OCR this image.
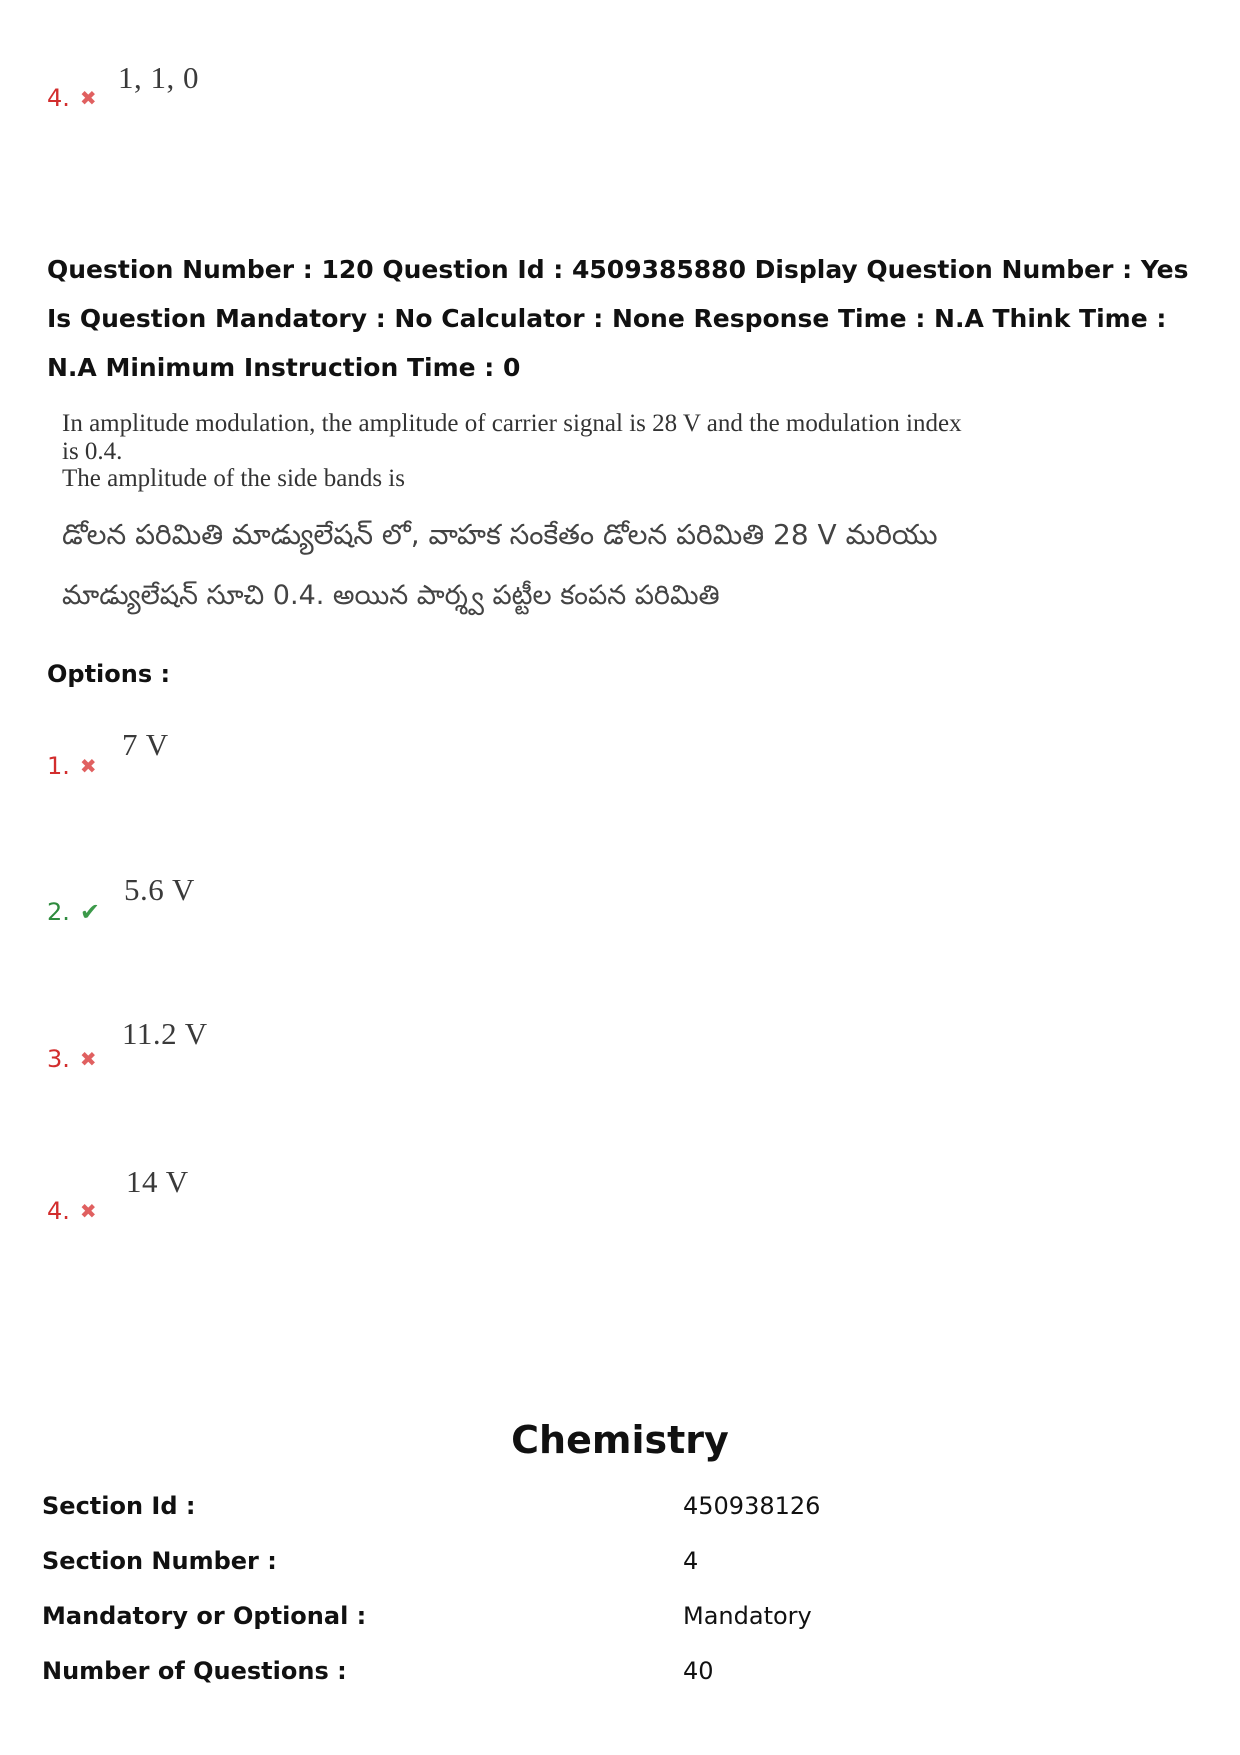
4. ✖
1, 1, 0
Question Number : 120 Question Id : 4509385880 Display Question Number : Yes Is Question Mandatory : No Calculator : None Response Time : N.A Think Time : N.A Minimum Instruction Time : 0
In amplitude modulation, the amplitude of carrier signal is 28 V and the modulation index is 0.4.
The amplitude of the side bands is
డోలన పరిమితి మాడ్యులేషన్ లో, వాహక సంకేతం డోలన పరిమితి 28 V మరియు
మాడ్యులేషన్ సూచి 0.4. అయిన పార్శ్వ పట్టీల కంపన పరిమితి
Options :
1. ✖
7 V
2. ✔
5.6 V
3. ✖
11.2 V
4. ✖
14 V
Chemistry
Section Id :	450938126
Section Number :	4
Mandatory or Optional :	Mandatory
Number of Questions :	40
